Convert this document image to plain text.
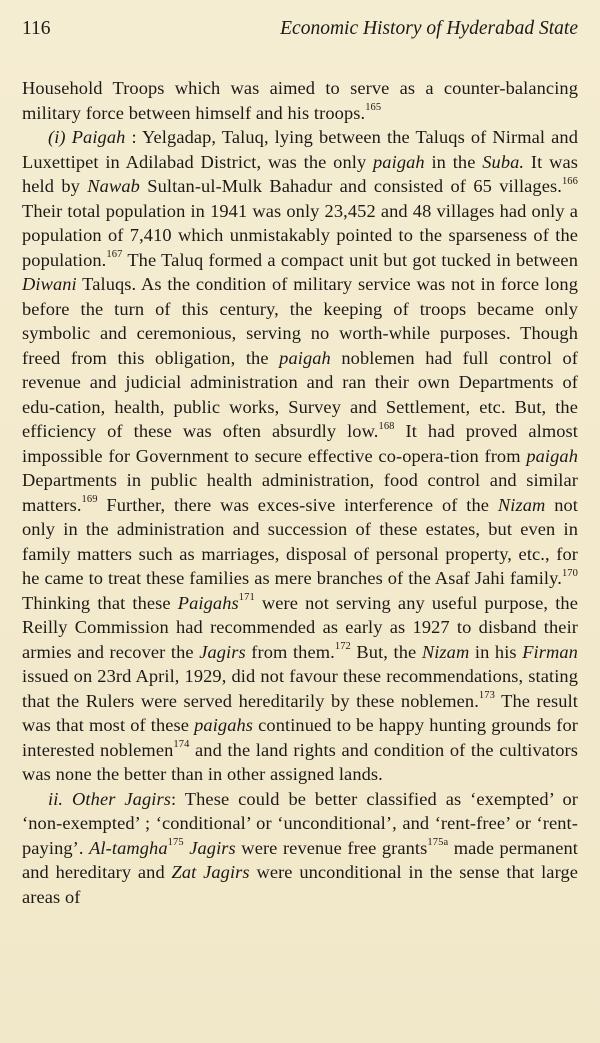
116	Economic History of Hyderabad State

Household Troops which was aimed to serve as a counter-balancing military force between himself and his troops.$^{165}$

(i) Paigah : Yelgadap, Taluq, lying between the Taluqs of Nirmal and Luxettipet in Adilabad District, was the only paigah in the Suba. It was held by Nawab Sultan-ul-Mulk Bahadur and consisted of 65 villages.$^{166}$ Their total population in 1941 was only 23,452 and 48 villages had only a population of 7,410 which unmistakably pointed to the sparseness of the population.$^{167}$ The Taluq formed a compact unit but got tucked in between Diwani Taluqs. As the condition of military service was not in force long before the turn of this century, the keeping of troops became only symbolic and ceremonious, serving no worth-while purposes. Though freed from this obligation, the paigah noblemen had full control of revenue and judicial administration and ran their own Departments of edu-cation, health, public works, Survey and Settlement, etc. But, the efficiency of these was often absurdly low.$^{168}$ It had proved almost impossible for Government to secure effective co-opera-tion from paigah Departments in public health administration, food control and similar matters.$^{169}$ Further, there was exces-sive interference of the Nizam not only in the administration and succession of these estates, but even in family matters such as marriages, disposal of personal property, etc., for he came to treat these families as mere branches of the Asaf Jahi family.$^{170}$ Thinking that these Paigahs$^{171}$ were not serving any useful purpose, the Reilly Commission had recommended as early as 1927 to disband their armies and recover the Jagirs from them.$^{172}$ But, the Nizam in his Firman issued on 23rd April, 1929, did not favour these recommendations, stating that the Rulers were served hereditarily by these noblemen.$^{173}$ The result was that most of these paigahs continued to be happy hunting grounds for interested noblemen$^{174}$ and the land rights and condition of the cultivators was none the better than in other assigned lands.

ii. Other Jagirs: These could be better classified as ‘exempted’ or ‘non-exempted’ ; ‘conditional’ or ‘unconditional’, and ‘rent-free’ or ‘rent-paying’. Al-tamgha$^{175}$ Jagirs were revenue free grants$^{175a}$ made permanent and hereditary and Zat Jagirs were unconditional in the sense that large areas of
